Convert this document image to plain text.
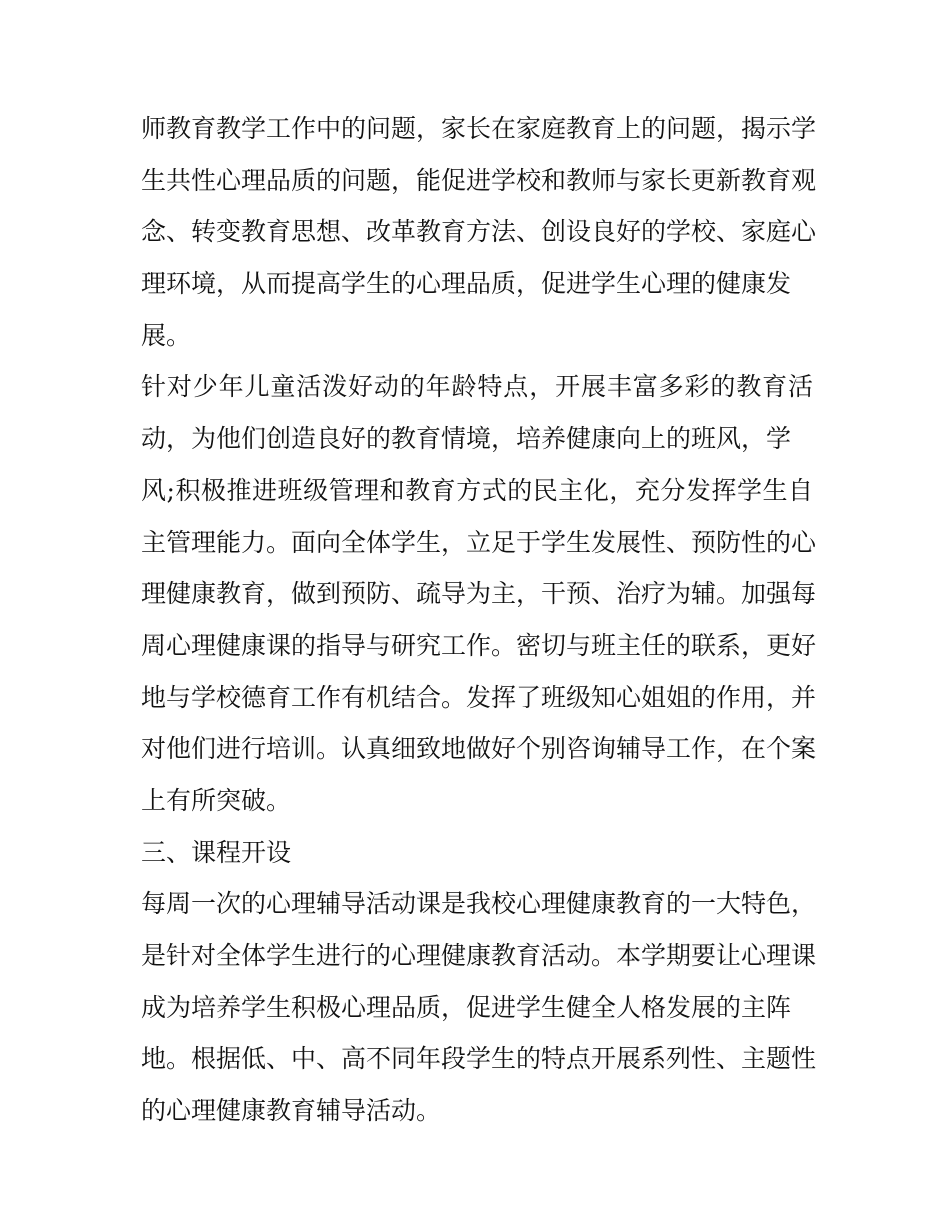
师教育教学工作中的问题，家长在家庭教育上的问题，揭示学
生共性心理品质的问题，能促进学校和教师与家长更新教育观
念、转变教育思想、改革教育方法、创设良好的学校、家庭心
理环境，从而提高学生的心理品质，促进学生心理的健康发
展。
针对少年儿童活泼好动的年龄特点，开展丰富多彩的教育活
动，为他们创造良好的教育情境，培养健康向上的班风，学
风;积极推进班级管理和教育方式的民主化，充分发挥学生自
主管理能力。面向全体学生，立足于学生发展性、预防性的心
理健康教育，做到预防、疏导为主，干预、治疗为辅。加强每
周心理健康课的指导与研究工作。密切与班主任的联系，更好
地与学校德育工作有机结合。发挥了班级知心姐姐的作用，并
对他们进行培训。认真细致地做好个别咨询辅导工作，在个案
上有所突破。
三、课程开设
每周一次的心理辅导活动课是我校心理健康教育的一大特色，
是针对全体学生进行的心理健康教育活动。本学期要让心理课
成为培养学生积极心理品质，促进学生健全人格发展的主阵
地。根据低、中、高不同年段学生的特点开展系列性、主题性
的心理健康教育辅导活动。
